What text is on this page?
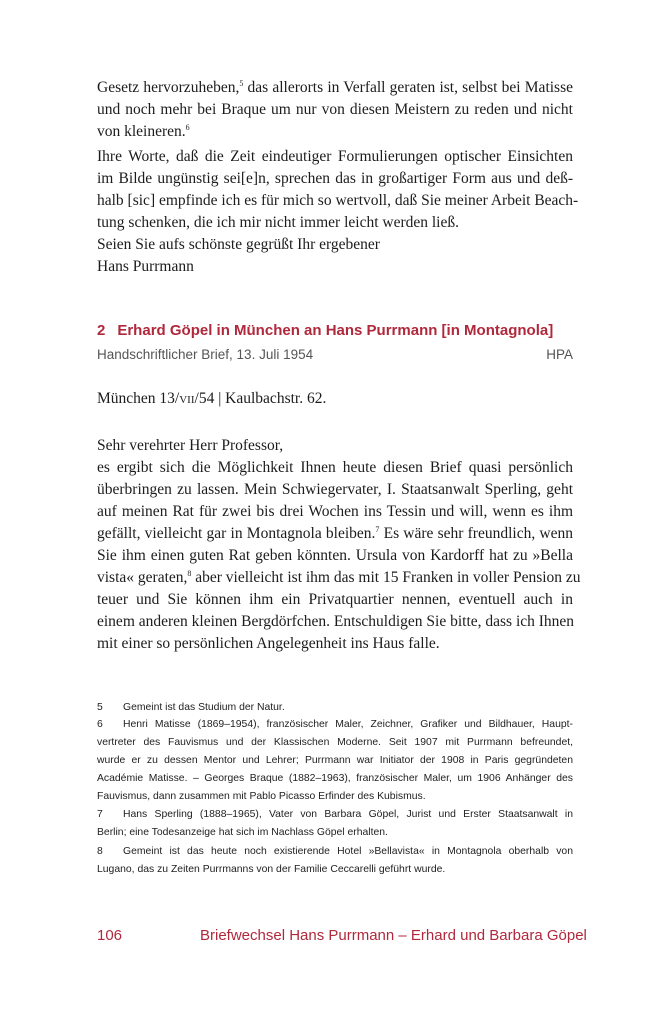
Gesetz hervorzuheben,$^5$ das allerorts in Verfall geraten ist, selbst bei Matisse
und noch mehr bei Braque um nur von diesen Meistern zu reden und nicht
von kleineren.$^6$
Ihre Worte, daß die Zeit eindeutiger Formulierungen optischer Einsichten
im Bilde ungünstig sei[e]n, sprechen das in großartiger Form aus und deß-
halb [sic] empfinde ich es für mich so wertvoll, daß Sie meiner Arbeit Beach-
tung schenken, die ich mir nicht immer leicht werden ließ.
Seien Sie aufs schönste gegrüßt Ihr ergebener
Hans Purrmann
2 Erhard Göpel in München an Hans Purrmann [in Montagnola]
Handschriftlicher Brief, 13. Juli 1954	HPA
München 13/vii/54 | Kaulbachstr. 62.
Sehr verehrter Herr Professor,
es ergibt sich die Möglichkeit Ihnen heute diesen Brief quasi persönlich
überbringen zu lassen. Mein Schwiegervater, I. Staatsanwalt Sperling, geht
auf meinen Rat für zwei bis drei Wochen ins Tessin und will, wenn es ihm
gefällt, vielleicht gar in Montagnola bleiben.$^7$ Es wäre sehr freundlich, wenn
Sie ihm einen guten Rat geben könnten. Ursula von Kardorff hat zu »Bella
vista« geraten,$^8$ aber vielleicht ist ihm das mit 15 Franken in voller Pension zu
teuer und Sie können ihm ein Privatquartier nennen, eventuell auch in
einem anderen kleinen Bergdörfchen. Entschuldigen Sie bitte, dass ich Ihnen
mit einer so persönlichen Angelegenheit ins Haus falle.
5 Gemeint ist das Studium der Natur.
6 Henri Matisse (1869–1954), französischer Maler, Zeichner, Grafiker und Bildhauer, Haupt-
vertreter des Fauvismus und der Klassischen Moderne. Seit 1907 mit Purrmann befreundet,
wurde er zu dessen Mentor und Lehrer; Purrmann war Initiator der 1908 in Paris gegründeten
Académie Matisse. – Georges Braque (1882–1963), französischer Maler, um 1906 Anhänger des
Fauvismus, dann zusammen mit Pablo Picasso Erfinder des Kubismus.
7 Hans Sperling (1888–1965), Vater von Barbara Göpel, Jurist und Erster Staatsanwalt in
Berlin; eine Todesanzeige hat sich im Nachlass Göpel erhalten.
8 Gemeint ist das heute noch existierende Hotel »Bellavista« in Montagnola oberhalb von
Lugano, das zu Zeiten Purrmanns von der Familie Ceccarelli geführt wurde.
106	Briefwechsel Hans Purrmann – Erhard und Barbara Göpel
